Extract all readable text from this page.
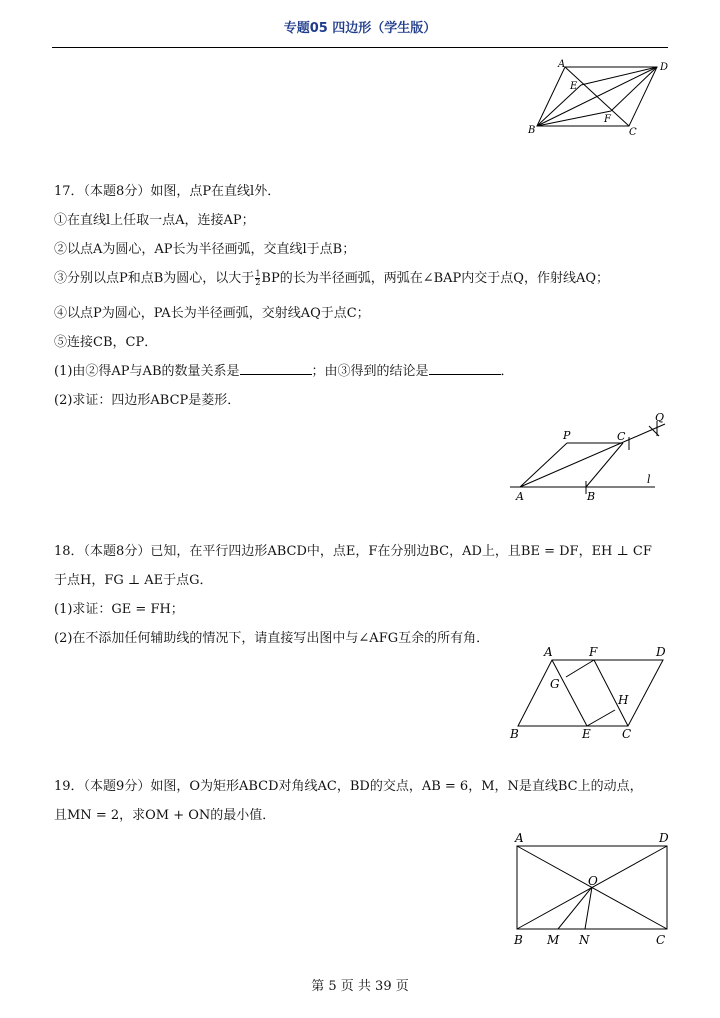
专题05 四边形（学生版）
A	D
E
F
B	C
17．（本题8分）如图，点P在直线l外．
①在直线l上任取一点A，连接AP；
②以点A为圆心，AP长为半径画弧，交直线l于点B；
③分别以点P和点B为圆心，以大于 $\frac{1}{2}$ BP的长为半径画弧，两弧在∠BAP内交于点Q，作射线AQ；
④以点P为圆心，PA长为半径画弧，交射线AQ于点C；
⑤连接CB，CP．
(1)由②得AP与AB的数量关系是	；由③得到的结论是	．
(2)求证：四边形ABCP是菱形．
Q
P	C
A	B
l
18．（本题8分）已知，在平行四边形ABCD中，点E，F在分别边BC，AD上，且BE = DF，EH ⊥ CF
于点H，FG ⊥ AE于点G．
(1)求证：GE = FH；
(2)在不添加任何辅助线的情况下，请直接写出图中与∠AFG互余的所有角．
A	F	D
G
H
B	E	C
19．（本题9分）如图，O为矩形ABCD对角线AC，BD的交点，AB = 6，M，N是直线BC上的动点，
且MN = 2，求OM + ON的最小值．
A	D
O
B M N	C
第 5 页 共 39 页
